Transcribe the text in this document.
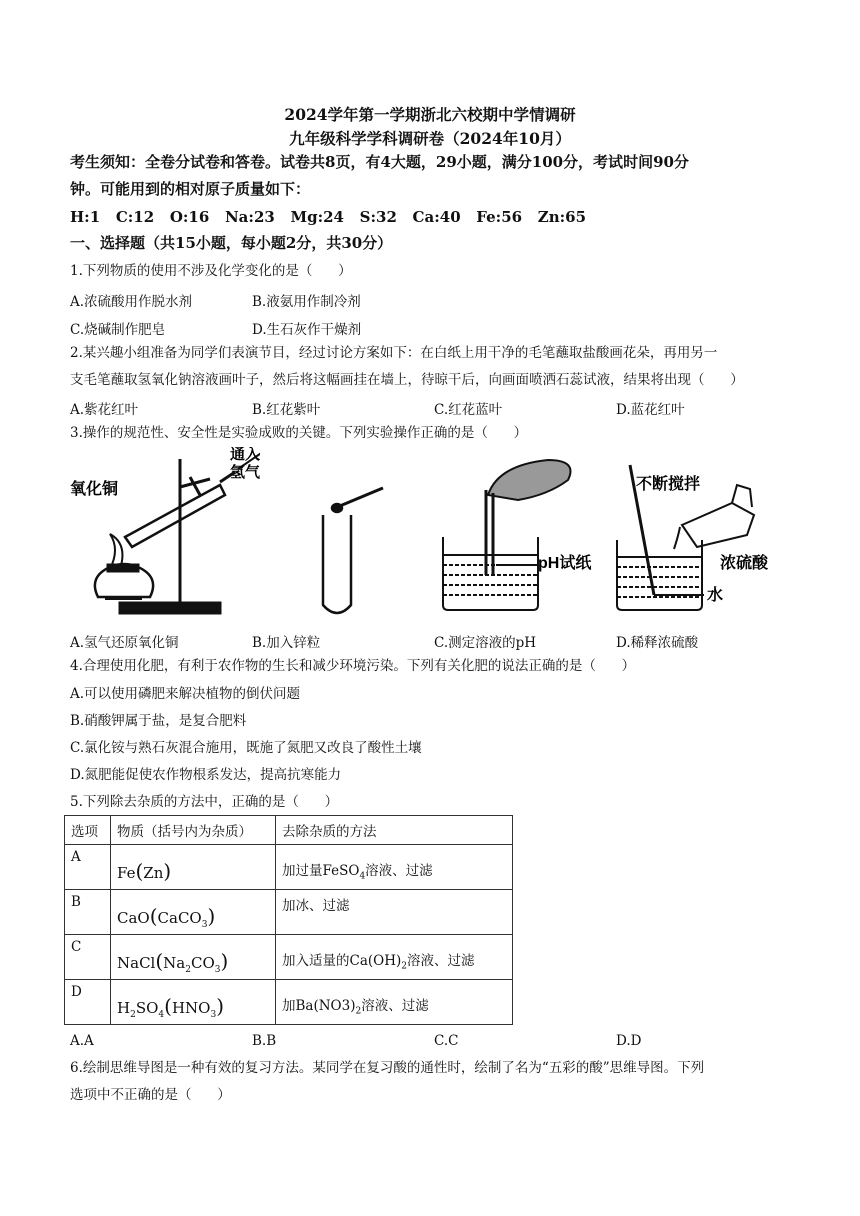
2024学年第一学期浙北六校期中学情调研
九年级科学学科调研卷（2024年10月）
考生须知：全卷分试卷和答卷。试卷共8页，有4大题，29小题，满分100分，考试时间90分
钟。可能用到的相对原子质量如下：
H:1   C:12   O:16   Na:23   Mg:24   S:32   Ca:40   Fe:56   Zn:65
一、选择题（共15小题，每小题2分，共30分）
1.下列物质的使用不涉及化学变化的是（      ）
A.浓硫酸用作脱水剂	B.液氨用作制冷剂
C.烧碱制作肥皂	D.生石灰作干燥剂
2.某兴趣小组准备为同学们表演节目，经过讨论方案如下：在白纸上用干净的毛笔蘸取盐酸画花朵，再用另一
支毛笔蘸取氢氧化钠溶液画叶子，然后将这幅画挂在墙上，待晾干后，向画面喷洒石蕊试液，结果将出现（      ）
A.紫花红叶	B.红花紫叶	C.红花蓝叶	D.蓝花红叶
3.操作的规范性、安全性是实验成败的关键。下列实验操作正确的是（      ）
氧化铜
通入
氢气
pH试纸
不断搅拌
浓硫酸
水
A.氢气还原氧化铜	B.加入锌粒	C.测定溶液的pH	D.稀释浓硫酸
4.合理使用化肥，有利于农作物的生长和减少环境污染。下列有关化肥的说法正确的是（      ）
A.可以使用磷肥来解决植物的倒伏问题
B.硝酸钾属于盐，是复合肥料
C.氯化铵与熟石灰混合施用，既施了氮肥又改良了酸性土壤
D.氮肥能促使农作物根系发达，提高抗寒能力
5.下列除去杂质的方法中，正确的是（      ）
选项	物质（括号内为杂质）	去除杂质的方法
A	Fe(Zn)	加过量FeSO$_4$溶液、过滤
B	CaO(CaCO$_3$)	加冰、过滤
C	$NaCl(Na_2CO_3)$	加入适量的$Ca(OH)_2$溶液、过滤
D	$H_2SO_4(HNO_3)$	加$Ba(NO3)_2$溶液、过滤
A.A	B.B	C.C	D.D
6.绘制思维导图是一种有效的复习方法。某同学在复习酸的通性时，绘制了名为“五彩的酸”思维导图。下列
选项中不正确的是（      ）
